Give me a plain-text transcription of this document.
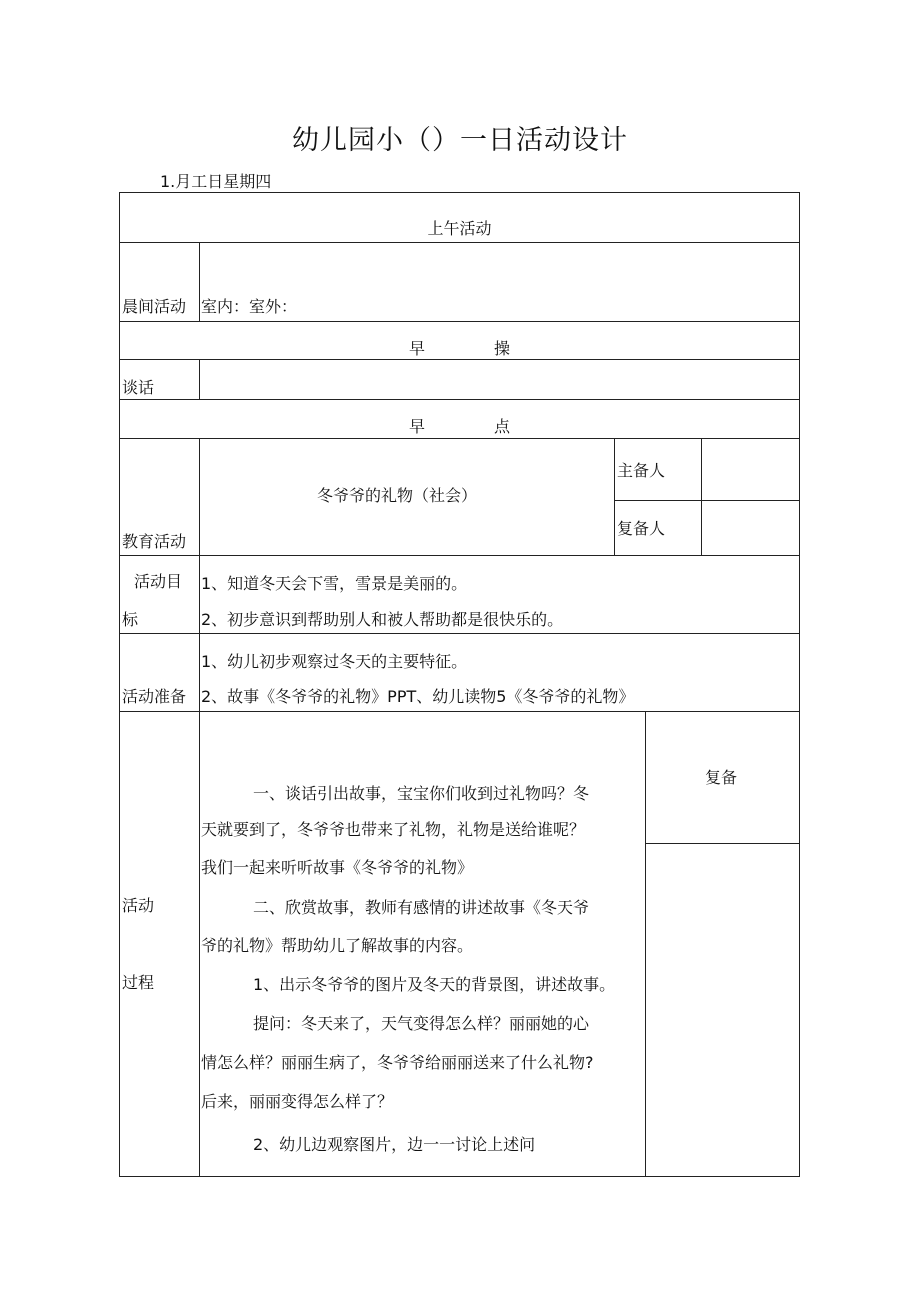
幼儿园小（）一日活动设计
1.月工日星期四
上午活动
晨间活动 室内：室外：
早	操
谈话
早	点
教育活动
冬爷爷的礼物（社会）
主备人
复备人
活动目
标
1、知道冬天会下雪，雪景是美丽的。
2、初步意识到帮助别人和被人帮助都是很快乐的。
活动准备
1、幼儿初步观察过冬天的主要特征。
2、故事《冬爷爷的礼物》PPT、幼儿读物5《冬爷爷的礼物》
活动
过程
复备
一、谈话引出故事，宝宝你们收到过礼物吗？冬
天就要到了，冬爷爷也带来了礼物，礼物是送给谁呢？
我们一起来听听故事《冬爷爷的礼物》
二、欣赏故事，教师有感情的讲述故事《冬天爷
爷的礼物》帮助幼儿了解故事的内容。
1、出示冬爷爷的图片及冬天的背景图，讲述故事。
提问：冬天来了，天气变得怎么样？丽丽她的心
情怎么样？丽丽生病了，冬爷爷给丽丽送来了什么礼物?
后来，丽丽变得怎么样了？
2、幼儿边观察图片，边一一讨论上述问
